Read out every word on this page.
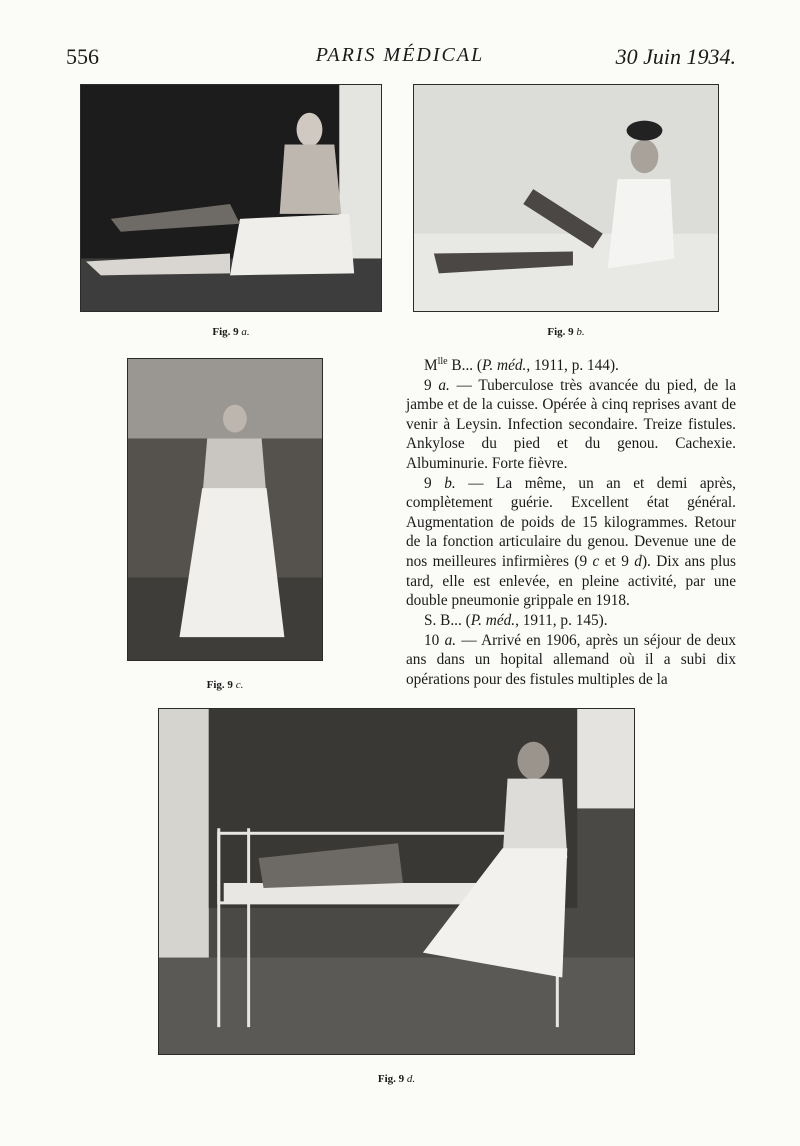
556	PARIS MÉDICAL	30 Juin 1934.
Fig. 9 a.	Fig. 9 b.
Fig. 9 c.

$M^{lle}$ B... (P. méd., 1911, p. 144).

9 a. — Tuberculose très avancée du pied, de la jambe et de la cuisse. Opérée à cinq reprises avant de venir à Leysin. Infection secondaire. Treize fistules. Ankylose du pied et du genou. Cachexie. Albuminurie. Forte fièvre.

9 b. — La même, un an et demi après, complètement guérie. Excellent état général. Augmentation de poids de 15 kilogrammes. Retour de la fonction articulaire du genou. Devenue une de nos meilleures infirmières (9 c et 9 d). Dix ans plus tard, elle est enlevée, en pleine activité, par une double pneumonie grippale en 1918.

S. B... (P. méd., 1911, p. 145).

10 a. — Arrivé en 1906, après un séjour de deux ans dans un hopital allemand où il a subi dix opérations pour des fistules multiples de la

Fig. 9 d.
